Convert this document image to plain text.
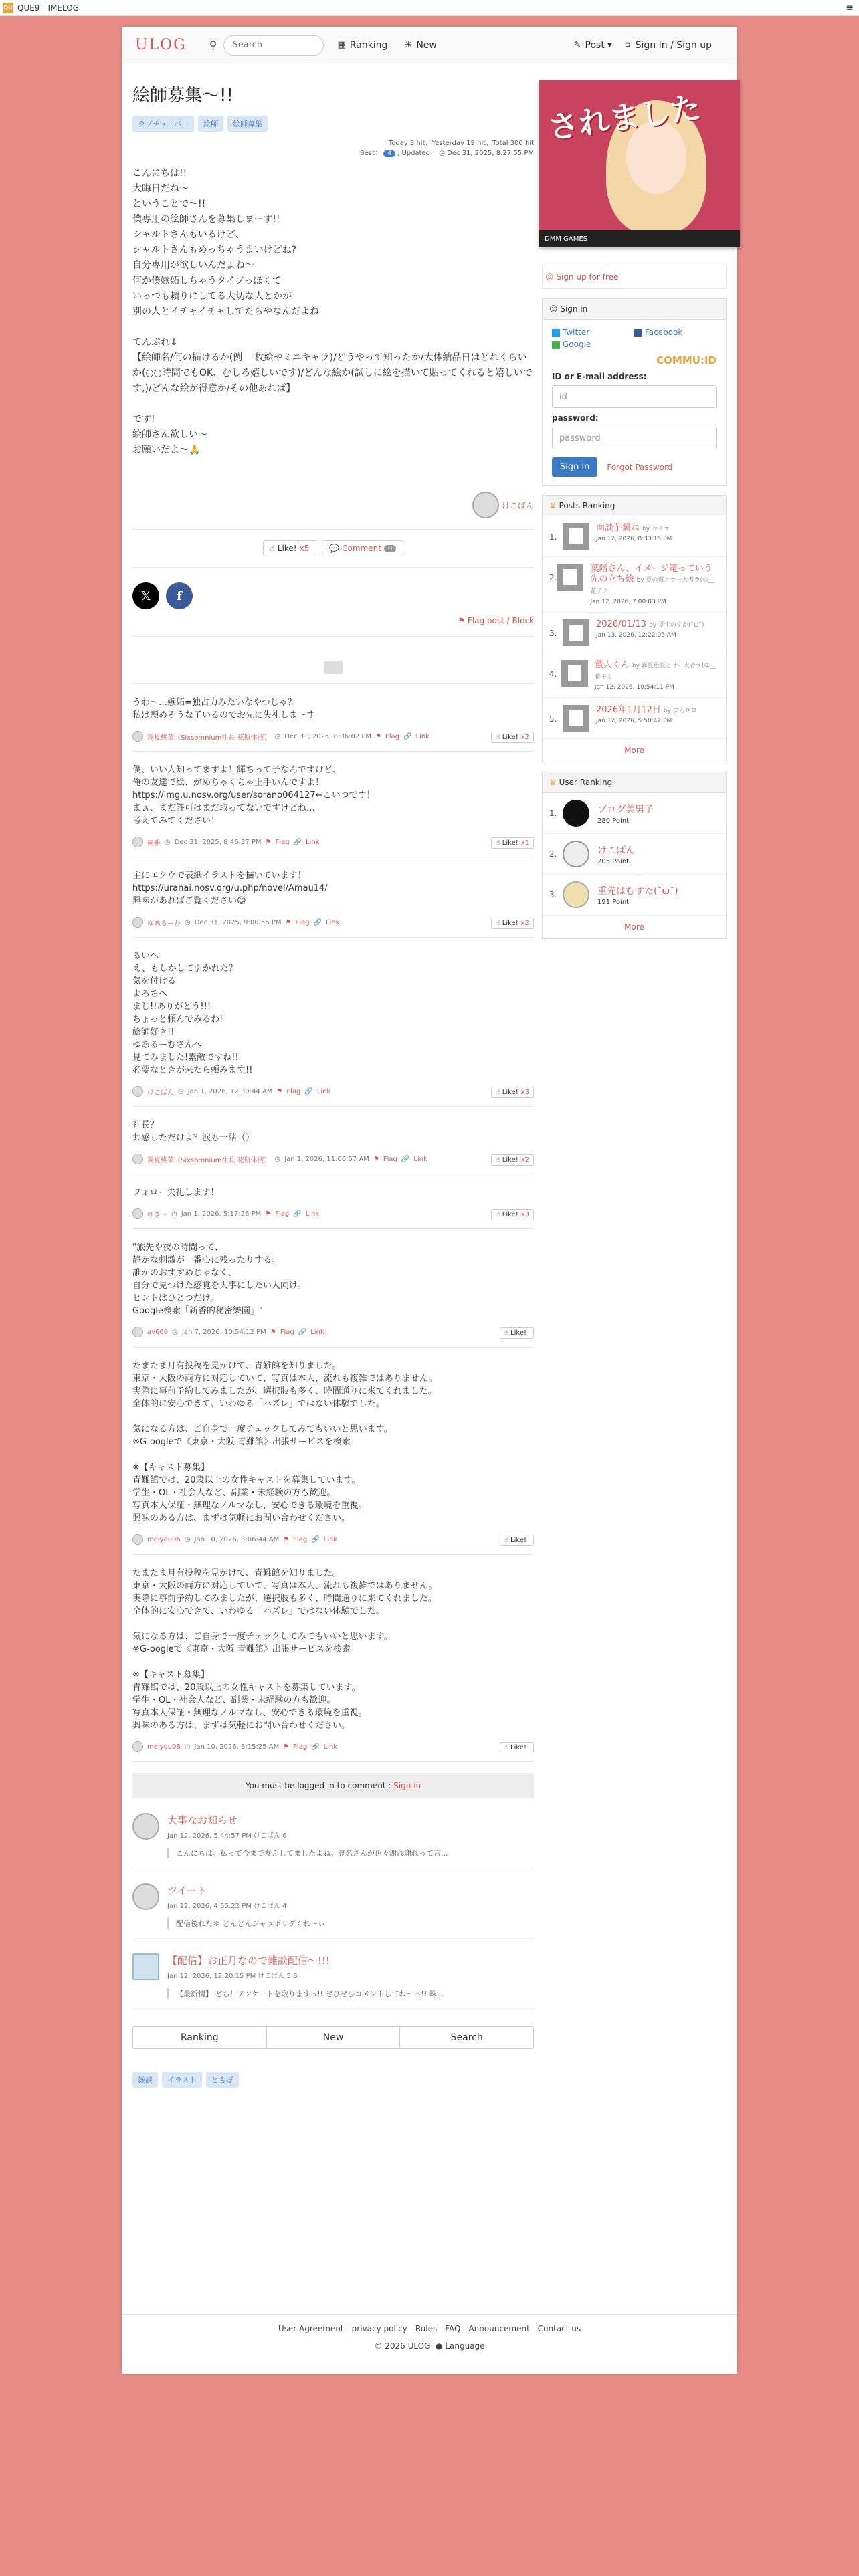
QU QUE9 | IMELOG	≡
ULOG ⚲
Search	▦ Ranking ✳ New	✎ Post ▼ ➲ Sign In / Sign up
絵師募集〜!!
ラブチューバー	絵師	絵師募集
Today 3 hit、Yesterday 19 hit、Total 300 hit
Best： 4 , Updated： ◷ Dec 31, 2025, 8:27:55 PM
こんにちは!!
大晦日だね〜
ということで〜!!
僕専用の絵師さんを募集しまーす!!
シャルトさんもいるけど、
シャルトさんもめっちゃうまいけどね?
自分専用が欲しいんだよね〜
何か僕嫉妬しちゃうタイプっぽくて
いっつも頼りにしてる大切な人とかが
別の人とイチャイチャしてたらやなんだよね

てんぷれ↓
【絵師名/何の描けるか(例 一枚絵やミニキャラ)/どうやって知ったか/大体納品日はどれくらいか(○○時間でもOK、むしろ嬉しいです)/どんな絵か(試しに絵を描いて貼ってくれると嬉しいです,)/どんな絵が得意か/その他あれば】

です!
絵師さん欲しい〜
お願いだよ〜🙏
けこばん
☝
Like! x5	💬
Comment	0
𝕏	f
⚑ Flag post / Block
うわ〜…嫉妬=独占力みたいなやつじゃ？
私は願めそうな子いるのでお先に失礼しま〜す
霧夏桃菜（Sixsomnium社長 花瓶体液） ◷ Dec 31, 2025, 8:36:02 PM ⚑ Flag 🔗 Link	☝
Like! x2
僕、いい人知ってますよ！輝ちって子なんですけど、
俺の友達で絵、がめちゃくちゃ上手いんですよ！
https://img.u.nosv.org/user/sorano064127←こいつです！
まぁ、まだ許可はまだ取ってないですけどね…
考えてみてください！
風雅 ◷ Dec 31, 2025, 8:46:37 PM ⚑ Flag 🔗 Link	☝
Like! x1
主にエクウで表紙イラストを描いています！
https://uranai.nosv.org/u.php/novel/Amau14/
興味があればご覧ください😊
ゆあるーむ ◷ Dec 31, 2025, 9:00:55 PM ⚑ Flag 🔗 Link	☝
Like! x2
るいへ
え、もしかして引かれた？
気を付ける
よろちへ
まじ!!ありがとう!!!
ちょっと頼んでみるわ!
絵師好き!!
ゆあるーむさんへ
見てみました!素敵ですね!!
必要なときが来たら頼みます!!
けこばん ◷ Jan 1, 2026, 12:30:44 AM ⚑ Flag 🔗 Link	☝
Like! x3
社長？
共感しただけよ？涙も一緒（）
霧夏桃菜（Sixsomnium社長 花瓶体液） ◷ Jan 1, 2026, 11:06:57 AM ⚑ Flag 🔗 Link	☝
Like! x2
フォロー失礼します！
ゆき〜 ◷ Jan 1, 2026, 5:17:26 PM ⚑ Flag 🔗 Link	☝
Like! x3
"旅先や夜の時間って、
静かな刺激が一番心に残ったりする。
誰かのおすすめじゃなく、
自分で見つけた感覚を大事にしたい人向け。
ヒントはひとつだけ。
Google検索「新香的秘密樂園」"
av669 ◷ Jan 7, 2026, 10:54:12 PM ⚑ Flag 🔗 Link	☝
Like!
たまたま月有投稿を見かけて、青難館を知りました。
東京・大阪の両方に対応していて、写真は本人、流れも複雑ではありません。
実際に事前予約してみましたが、選択肢も多く、時間通りに来てくれました。
全体的に安心できて、いわゆる「ハズレ」ではない体験でした。

気になる方は、ご自身で一度チェックしてみてもいいと思います。
※G-oogleで《東京・大阪 青難館》出張サービスを検索

※【キャスト募集】
青難館では、20歳以上の女性キャストを募集しています。
学生・OL・社会人など、副業・未経験の方も歓迎。
写真本人保証・無理なノルマなし、安心できる環境を重視。
興味のある方は、まずは気軽にお問い合わせください。
meiyou06 ◷ Jan 10, 2026, 3:06:44 AM ⚑ Flag 🔗 Link	☝
Like!
たまたま月有投稿を見かけて、青難館を知りました。
東京・大阪の両方に対応していて、写真は本人、流れも複雑ではありません。
実際に事前予約してみましたが、選択肢も多く、時間通りに来てくれました。
全体的に安心できて、いわゆる「ハズレ」ではない体験でした。

気になる方は、ご自身で一度チェックしてみてもいいと思います。
※G-oogleで《東京・大阪 青難館》出張サービスを検索

※【キャスト募集】
青難館では、20歳以上の女性キャストを募集しています。
学生・OL・社会人など、副業・未経験の方も歓迎。
写真本人保証・無理なノルマなし、安心できる環境を重視。
興味のある方は、まずは気軽にお問い合わせください。
meiyou08 ◷ Jan 10, 2026, 3:15:25 AM ⚑ Flag 🔗 Link	☝
Like!
You must be logged in to comment : Sign in
大事なお知らせ
Jan 12, 2026, 5:44:57 PM けこばん 6
こんにちは。私って今まで友えしてましたよね。渡名さんが色々謝れ謝れって言...
ツイート
Jan 12, 2026, 4:55:22 PM けこばん 4
配信後れた＊ どんどんジャラボリグくれ〜ぃ
【配信】お正月なので雑談配信〜!!!
Jan 12, 2026, 12:20:15 PM けこばん 5 6
【最新情】 どち！アンケートを取りますっ!! ぜひぜひコメントしてね〜っ!! 珠...
Ranking	New	Search
雑談	イラスト	ともぼ
されました
DMM GAMES
☺ Sign up for free
☺ Sign in
Twitter	Facebook
Google
COMMU:ID
ID or E-mail address:
id
password:
password
Sign in	Forgot Password
♛ Posts Ranking
1.
面談芋翼ね by せイラ
Jan 12, 2026, 8:33:15 PM
2.
葉階さん、イメージ篭っていう先の立ち絵 by 夏の霧とサー大者ラ(ゆ__花子ミ
Jan 12, 2026, 7:00:03 PM
3.
2026/01/13 by 夏生のすか(˘ω˘)
Jan 13, 2026, 12:22:05 AM
4.
董人くん by 霧夏色夏とサー大者ラ(ゆ__花子ミ
Jan 12, 2026, 10:54:11 PM
5.
2026年1月12日 by まるせロ
Jan 12, 2026, 5:50:42 PM
More
♛ User Ranking
1.	ブログ美男子
280 Point
2.	けこばん
205 Point
3.	重先はむすた(˘ω˘)
191 Point
More
User Agreement privacy policy Rules FAQ Announcement Contact us
© 2026 ULOG ● Language
